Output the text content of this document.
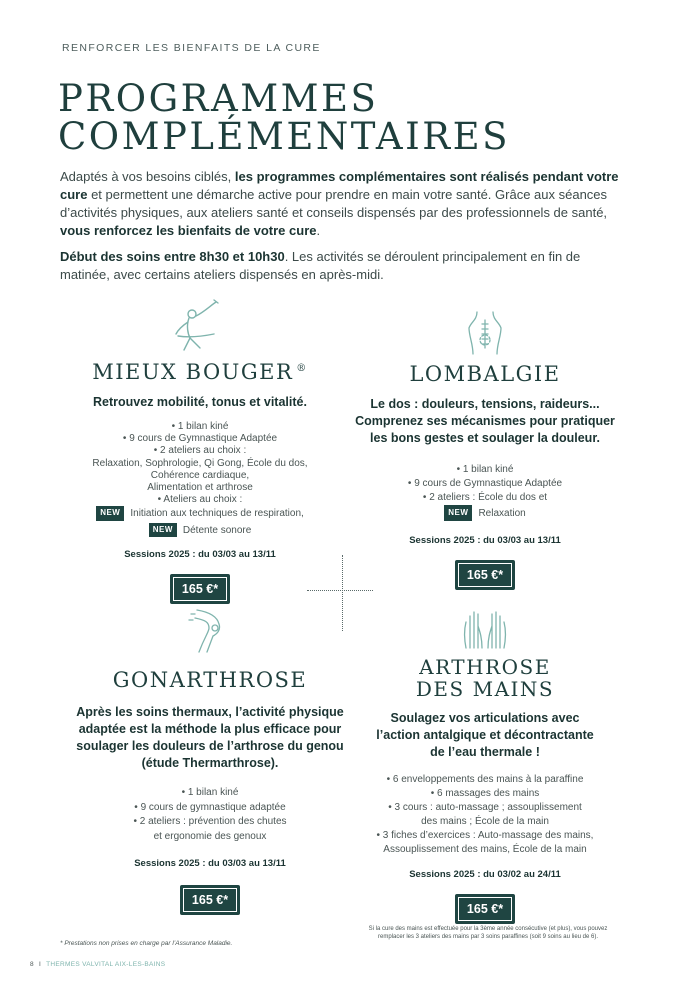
RENFORCER LES BIENFAITS DE LA CURE
PROGRAMMES
COMPLÉMENTAIRES

Adaptés à vos besoins ciblés, les programmes complémentaires sont réalisés pendant votre cure et permettent une démarche active pour prendre en main votre santé. Grâce aux séances d’activités physiques, aux ateliers santé et conseils dispensés par des professionnels de santé, vous renforcez les bienfaits de votre cure.

Début des soins entre 8h30 et 10h30. Les activités se déroulent principalement en fin de matinée, avec certains ateliers dispensés en après-midi.

MIEUX BOUGER ®
Retrouvez mobilité, tonus et vitalité.
• 1 bilan kiné
• 9 cours de Gymnastique Adaptée
• 2 ateliers au choix :
Relaxation, Sophrologie, Qi Gong, École du dos,
Cohérence cardiaque,
Alimentation et arthrose
• Ateliers au choix :
NEW Initiation aux techniques de respiration,
NEW Détente sonore
Sessions 2025 : du 03/03 au 13/11
165 €*
LOMBALGIE
Le dos : douleurs, tensions, raideurs... Comprenez ses mécanismes pour pratiquer les bons gestes et soulager la douleur.
• 1 bilan kiné
• 9 cours de Gymnastique Adaptée
• 2 ateliers : École du dos et
NEW Relaxation
Sessions 2025 : du 03/03 au 13/11
165 €*
GONARTHROSE
Après les soins thermaux, l’activité physique adaptée est la méthode la plus efficace pour soulager les douleurs de l’arthrose du genou (étude Thermarthrose).
• 1 bilan kiné
• 9 cours de gymnastique adaptée
• 2 ateliers : prévention des chutes
et ergonomie des genoux
Sessions 2025 : du 03/03 au 13/11
165 €*
ARTHROSE
DES MAINS
Soulagez vos articulations avec l’action antalgique et décontractante de l’eau thermale !
• 6 enveloppements des mains à la paraffine
• 6 massages des mains
• 3 cours : auto-massage ; assouplissement
des mains ; École de la main
• 3 fiches d’exercices : Auto-massage des mains,
Assouplissement des mains, École de la main
Sessions 2025 : du 03/02 au 24/11
165 €*
Si la cure des mains est effectuée pour la 3ème année consécutive (et plus), vous pouvez remplacer les 3 ateliers des mains par 3 soins paraffines (soit 9 soins au lieu de 6).
* Prestations non prises en charge par l’Assurance Maladie.
8 I THERMES VALVITAL AIX-LES-BAINS
